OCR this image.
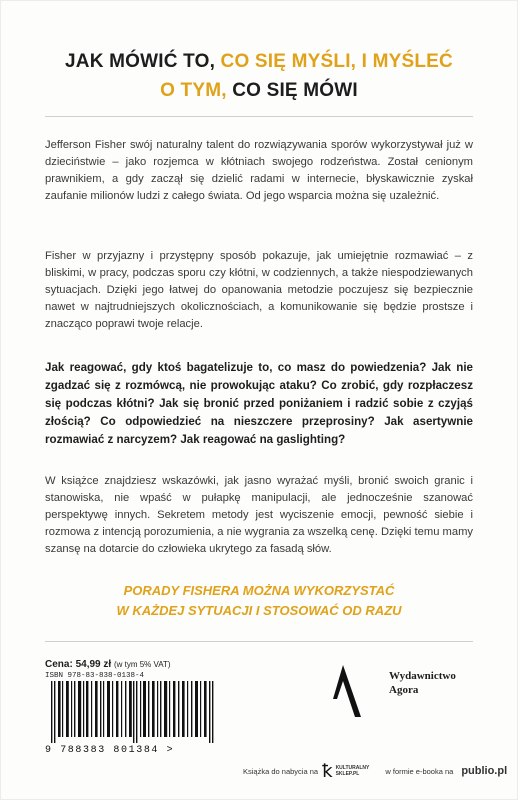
JAK MÓWIĆ TO, CO SIĘ MYŚLI, I MYŚLEĆ
O TYM, CO SIĘ MÓWI
Jefferson Fisher swój naturalny talent do rozwiązywania sporów wykorzystywał już w dzieciństwie – jako rozjemca w kłótniach swojego rodzeństwa. Został cenionym prawnikiem, a gdy zaczął się dzielić radami w internecie, błyskawicznie zyskał zaufanie milionów ludzi z całego świata. Od jego wsparcia można się uzależnić.
Fisher w przyjazny i przystępny sposób pokazuje, jak umiejętnie rozmawiać – z bliskimi, w pracy, podczas sporu czy kłótni, w codziennych, a także niespodziewanych sytuacjach. Dzięki jego łatwej do opanowania metodzie poczujesz się bezpiecznie nawet w najtrudniejszych okolicznościach, a komunikowanie się będzie prostsze i znacząco poprawi twoje relacje.
Jak reagować, gdy ktoś bagatelizuje to, co masz do powiedzenia? Jak nie zgadzać się z rozmówcą, nie prowokując ataku? Co zrobić, gdy rozpłaczesz się podczas kłótni? Jak się bronić przed poniżaniem i radzić sobie z czyjąś złością? Co odpowiedzieć na nieszczere przeprosiny? Jak asertywnie rozmawiać z narcyzem? Jak reagować na gaslighting?
W książce znajdziesz wskazówki, jak jasno wyrażać myśli, bronić swoich granic i stanowiska, nie wpaść w pułapkę manipulacji, ale jednocześnie szanować perspektywę innych. Sekretem metody jest wyciszenie emocji, pewność siebie i rozmowa z intencją porozumienia, a nie wygrania za wszelką cenę. Dzięki temu mamy szansę na dotarcie do człowieka ukrytego za fasadą słów.
PORADY FISHERA MOŻNA WYKORZYSTAĆ
W KAŻDEJ SYTUACJI I STOSOWAĆ OD RAZU
Cena: 54,99 zł (w tym 5% VAT)
ISBN 978-83-838-0138-4
9 788383 801384 >
Wydawnictwo
Agora
Książka do nabycia na ꝁ KULTURALNY
SKLEP.PL	w formie e-booka na publio.pl
